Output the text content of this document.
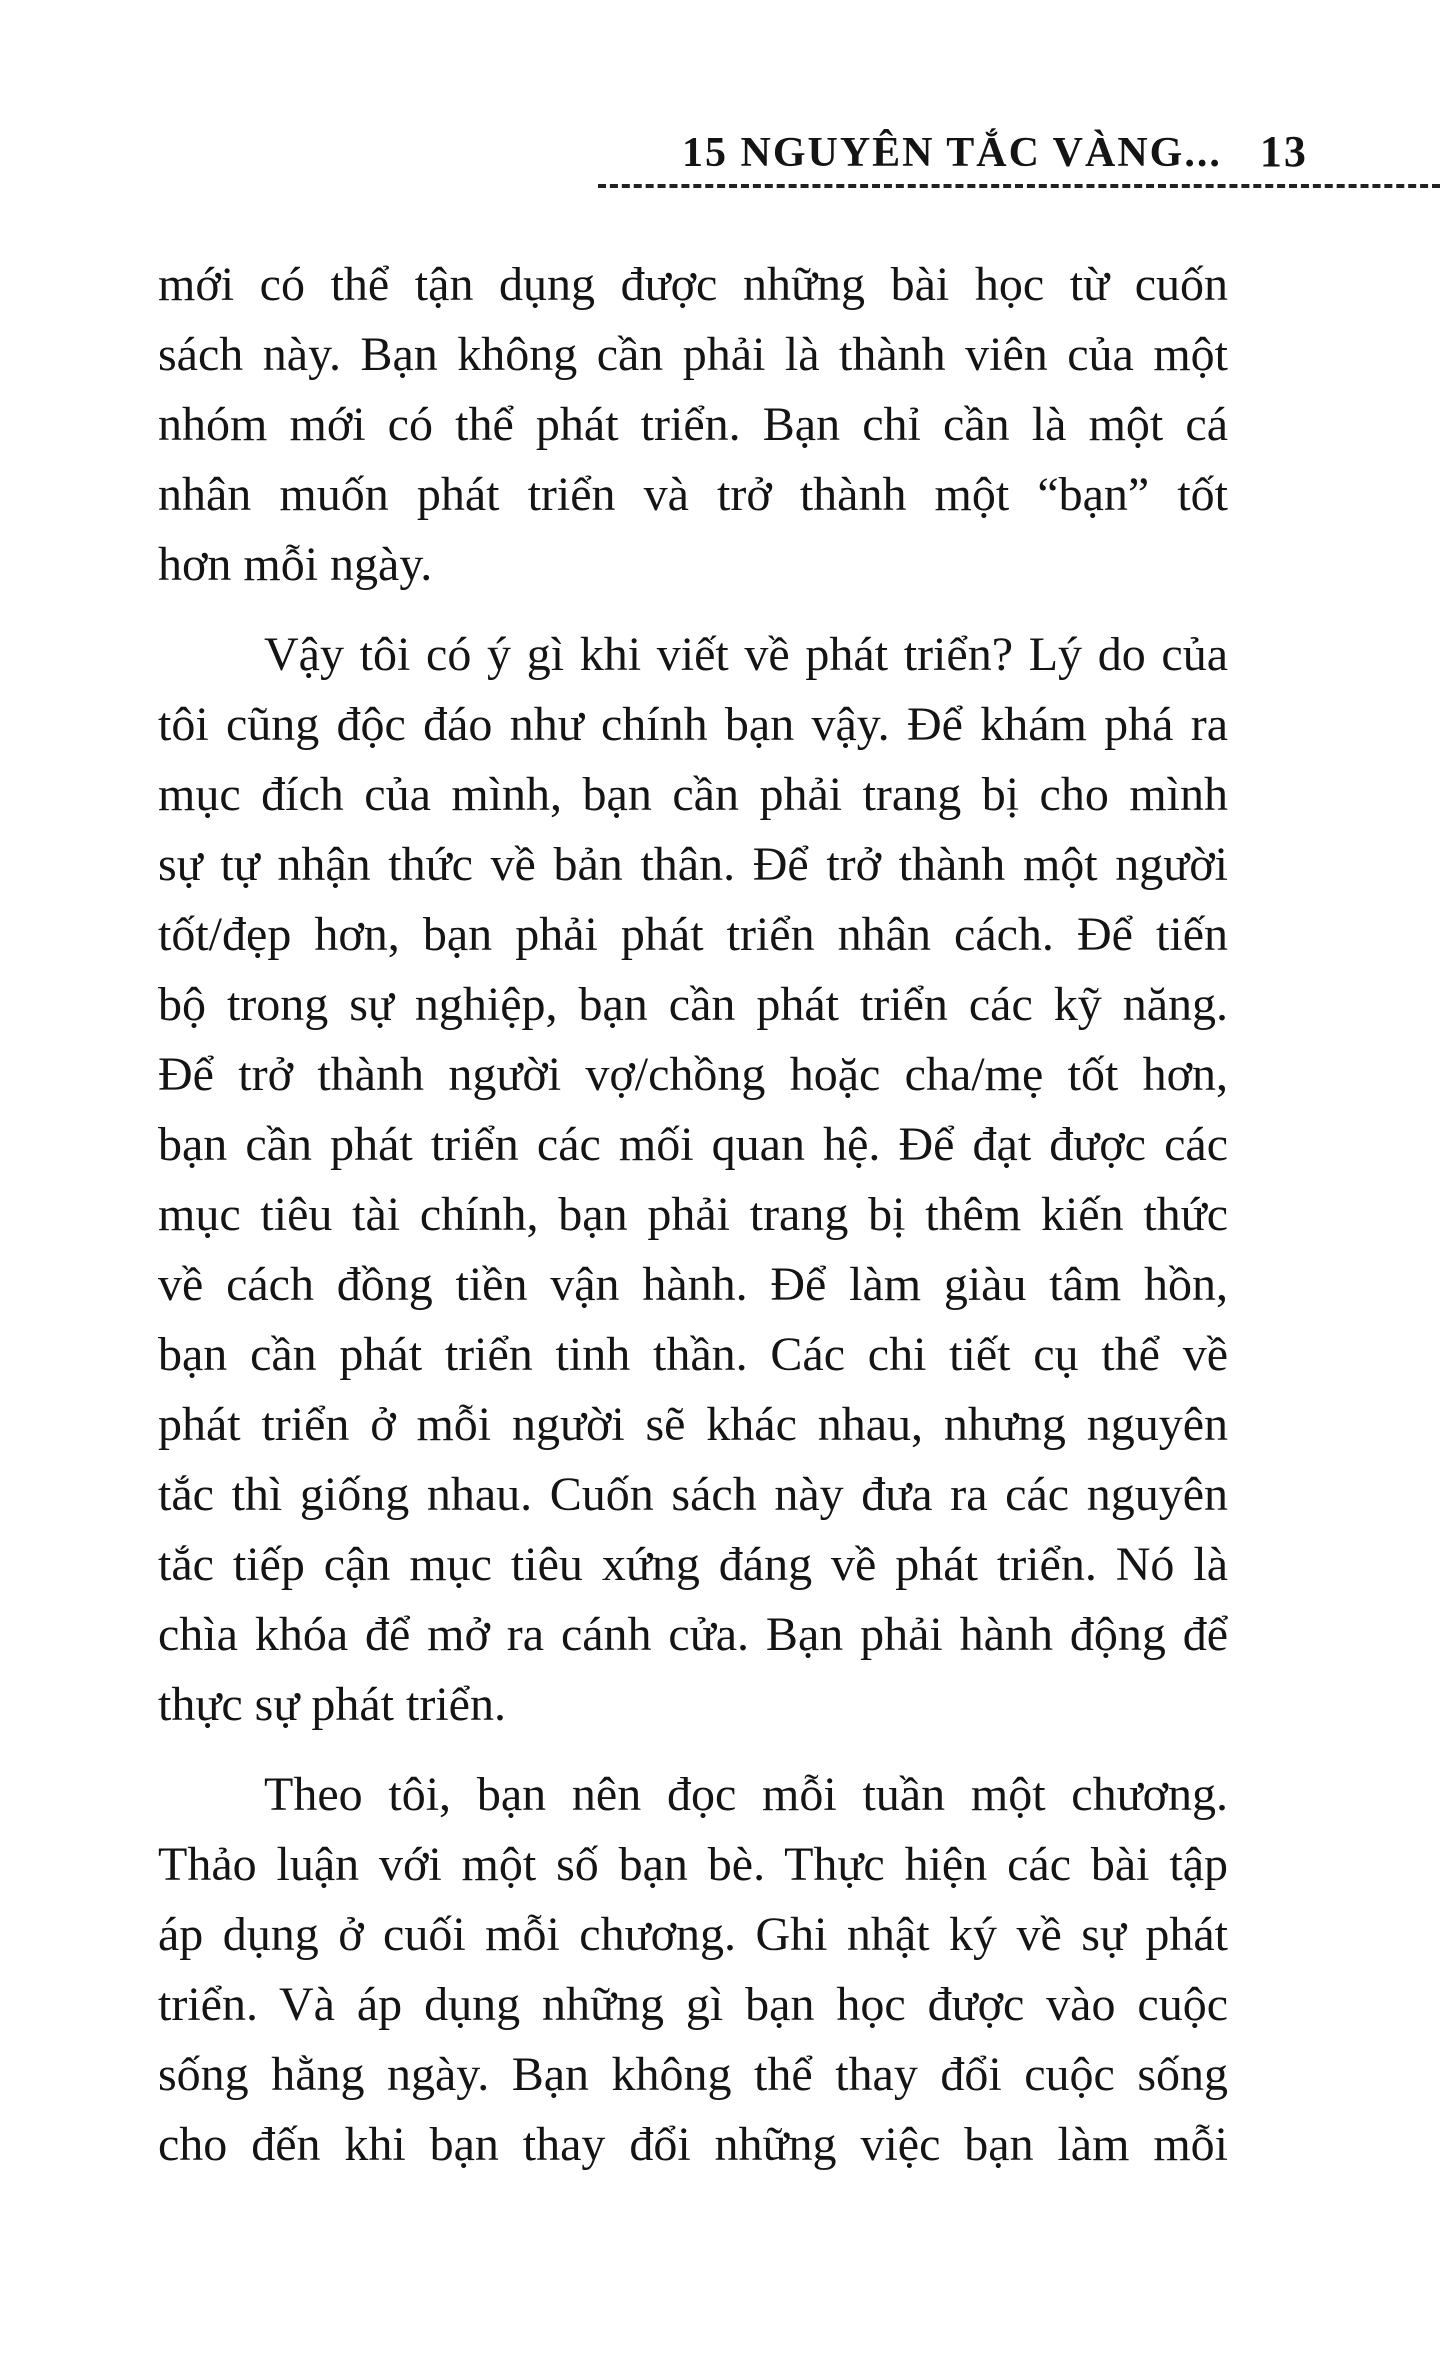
15 NGUYÊN TẮC VÀNG... 13
mới có thể tận dụng được những bài học từ cuốn
sách này. Bạn không cần phải là thành viên của một
nhóm mới có thể phát triển. Bạn chỉ cần là một cá
nhân muốn phát triển và trở thành một “bạn” tốt
hơn mỗi ngày.
Vậy tôi có ý gì khi viết về phát triển? Lý do của
tôi cũng độc đáo như chính bạn vậy. Để khám phá ra
mục đích của mình, bạn cần phải trang bị cho mình
sự tự nhận thức về bản thân. Để trở thành một người
tốt/đẹp hơn, bạn phải phát triển nhân cách. Để tiến
bộ trong sự nghiệp, bạn cần phát triển các kỹ năng.
Để trở thành người vợ/chồng hoặc cha/mẹ tốt hơn,
bạn cần phát triển các mối quan hệ. Để đạt được các
mục tiêu tài chính, bạn phải trang bị thêm kiến thức
về cách đồng tiền vận hành. Để làm giàu tâm hồn,
bạn cần phát triển tinh thần. Các chi tiết cụ thể về
phát triển ở mỗi người sẽ khác nhau, nhưng nguyên
tắc thì giống nhau. Cuốn sách này đưa ra các nguyên
tắc tiếp cận mục tiêu xứng đáng về phát triển. Nó là
chìa khóa để mở ra cánh cửa. Bạn phải hành động để
thực sự phát triển.
Theo tôi, bạn nên đọc mỗi tuần một chương.
Thảo luận với một số bạn bè. Thực hiện các bài tập
áp dụng ở cuối mỗi chương. Ghi nhật ký về sự phát
triển. Và áp dụng những gì bạn học được vào cuộc
sống hằng ngày. Bạn không thể thay đổi cuộc sống
cho đến khi bạn thay đổi những việc bạn làm mỗi
